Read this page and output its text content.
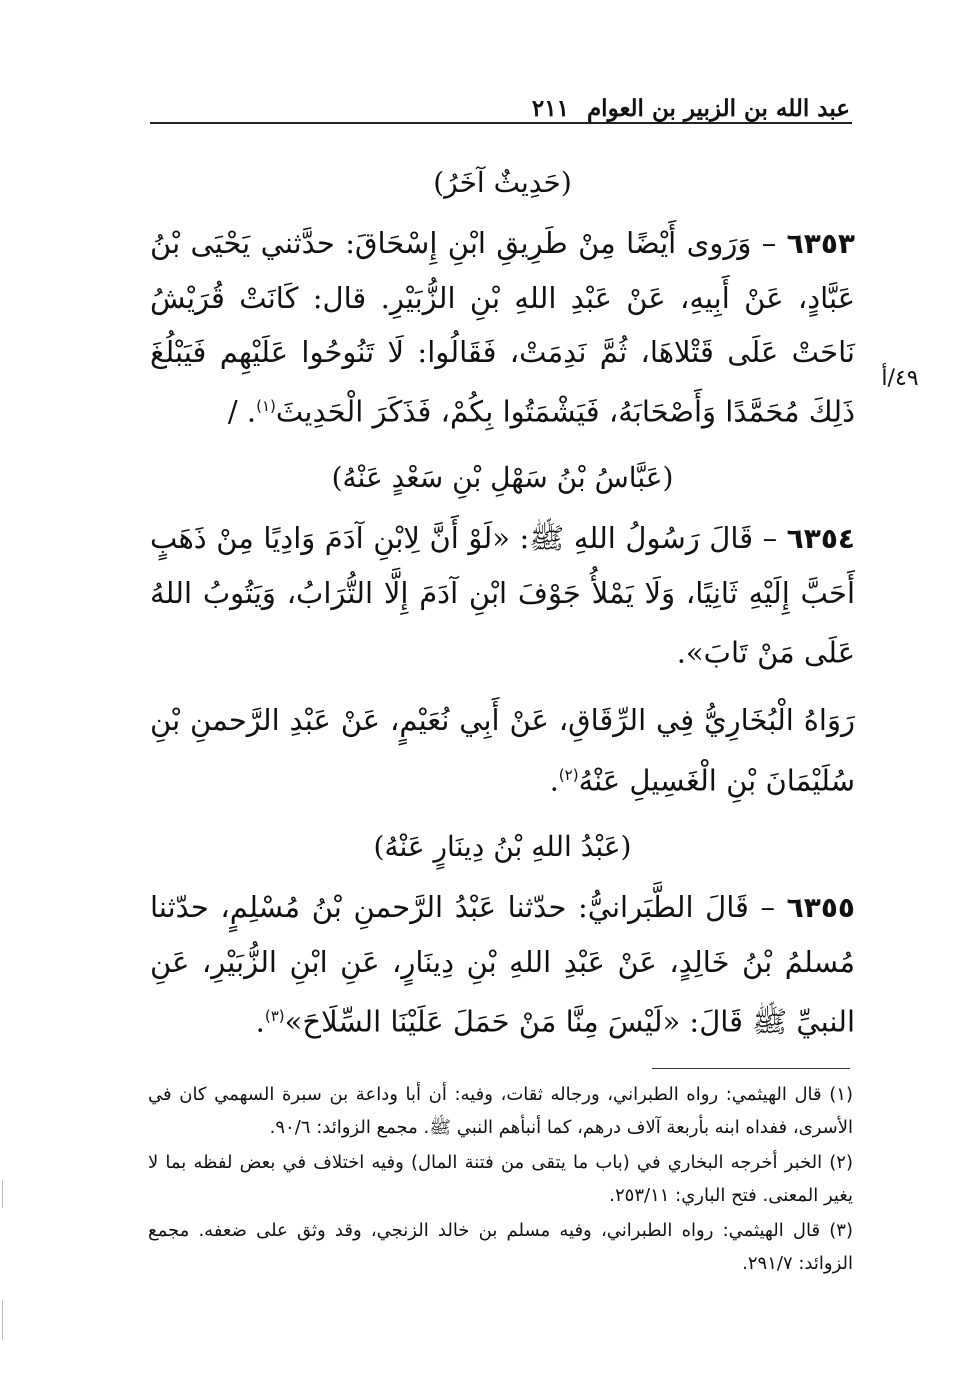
عبد الله بن الزبير بن العوام
٢١١
٤٩/أ
(حَدِيثٌ آخَرُ)

٦٣٥٣ – وَرَوى أَيْضًا مِنْ طَرِيقِ ابْنِ إِسْحَاقَ: حدَّثني يَحْيَى بْنُ عَبَّادٍ، عَنْ أَبِيهِ، عَنْ عَبْدِ اللهِ بْنِ الزُّبَيْرِ. قال: كَانَتْ قُرَيْشُ نَاحَتْ عَلَى قَتْلاهَا، ثُمَّ نَدِمَتْ، فَقَالُوا: لَا تَنُوحُوا عَلَيْهِم فَيَبْلُغَ ذَلِكَ مُحَمَّدًا وَأَصْحَابَهُ، فَيَشْمَتُوا بِكُمْ، فَذَكَرَ الْحَدِيثَ$^{(١)}$. /

(عَبَّاسُ بْنُ سَهْلِ بْنِ سَعْدٍ عَنْهُ)

٦٣٥٤ – قَالَ رَسُولُ اللهِ ﷺ: «لَوْ أَنَّ لِابْنِ آدَمَ وَادِيًا مِنْ ذَهَبٍ أَحَبَّ إِلَيْهِ ثَانِيًا، وَلَا يَمْلأُ جَوْفَ ابْنِ آدَمَ إِلَّا التُّرَابُ، وَيَتُوبُ اللهُ عَلَى مَنْ تَابَ».

رَوَاهُ الْبُخَارِيُّ فِي الرِّقَاقِ، عَنْ أَبِي نُعَيْمٍ، عَنْ عَبْدِ الرَّحمنِ بْنِ سُلَيْمَانَ بْنِ الْغَسِيلِ عَنْهُ$^{(٢)}$.

(عَبْدُ اللهِ بْنُ دِينَارٍ عَنْهُ)

٦٣٥٥ – قَالَ الطَّبَرانيُّ: حدّثنا عَبْدُ الرَّحمنِ بْنُ مُسْلِمٍ، حدّثنا مُسلمُ بْنُ خَالِدٍ، عَنْ عَبْدِ اللهِ بْنِ دِينَارٍ، عَنِ ابْنِ الزُّبَيْرِ، عَنِ النبيِّ ﷺ قَالَ: «لَيْسَ مِنَّا مَنْ حَمَلَ عَلَيْنَا السِّلَاحَ»$^{(٣)}$.

(١) قال الهيثمي: رواه الطبراني، ورجاله ثقات، وفيه: أن أبا وداعة بن سبرة السهمي كان في الأسرى، ففداه ابنه بأربعة آلاف درهم، كما أنبأهم النبي ﷺ. مجمع الزوائد: ٩٠/٦.

(٢) الخبر أخرجه البخاري في (باب ما يتقى من فتنة المال) وفيه اختلاف في بعض لفظه بما لا يغير المعنى. فتح الباري: ٢٥٣/١١.

(٣) قال الهيثمي: رواه الطبراني، وفيه مسلم بن خالد الزنجي، وقد وثق على ضعفه. مجمع الزوائد: ٢٩١/٧.
